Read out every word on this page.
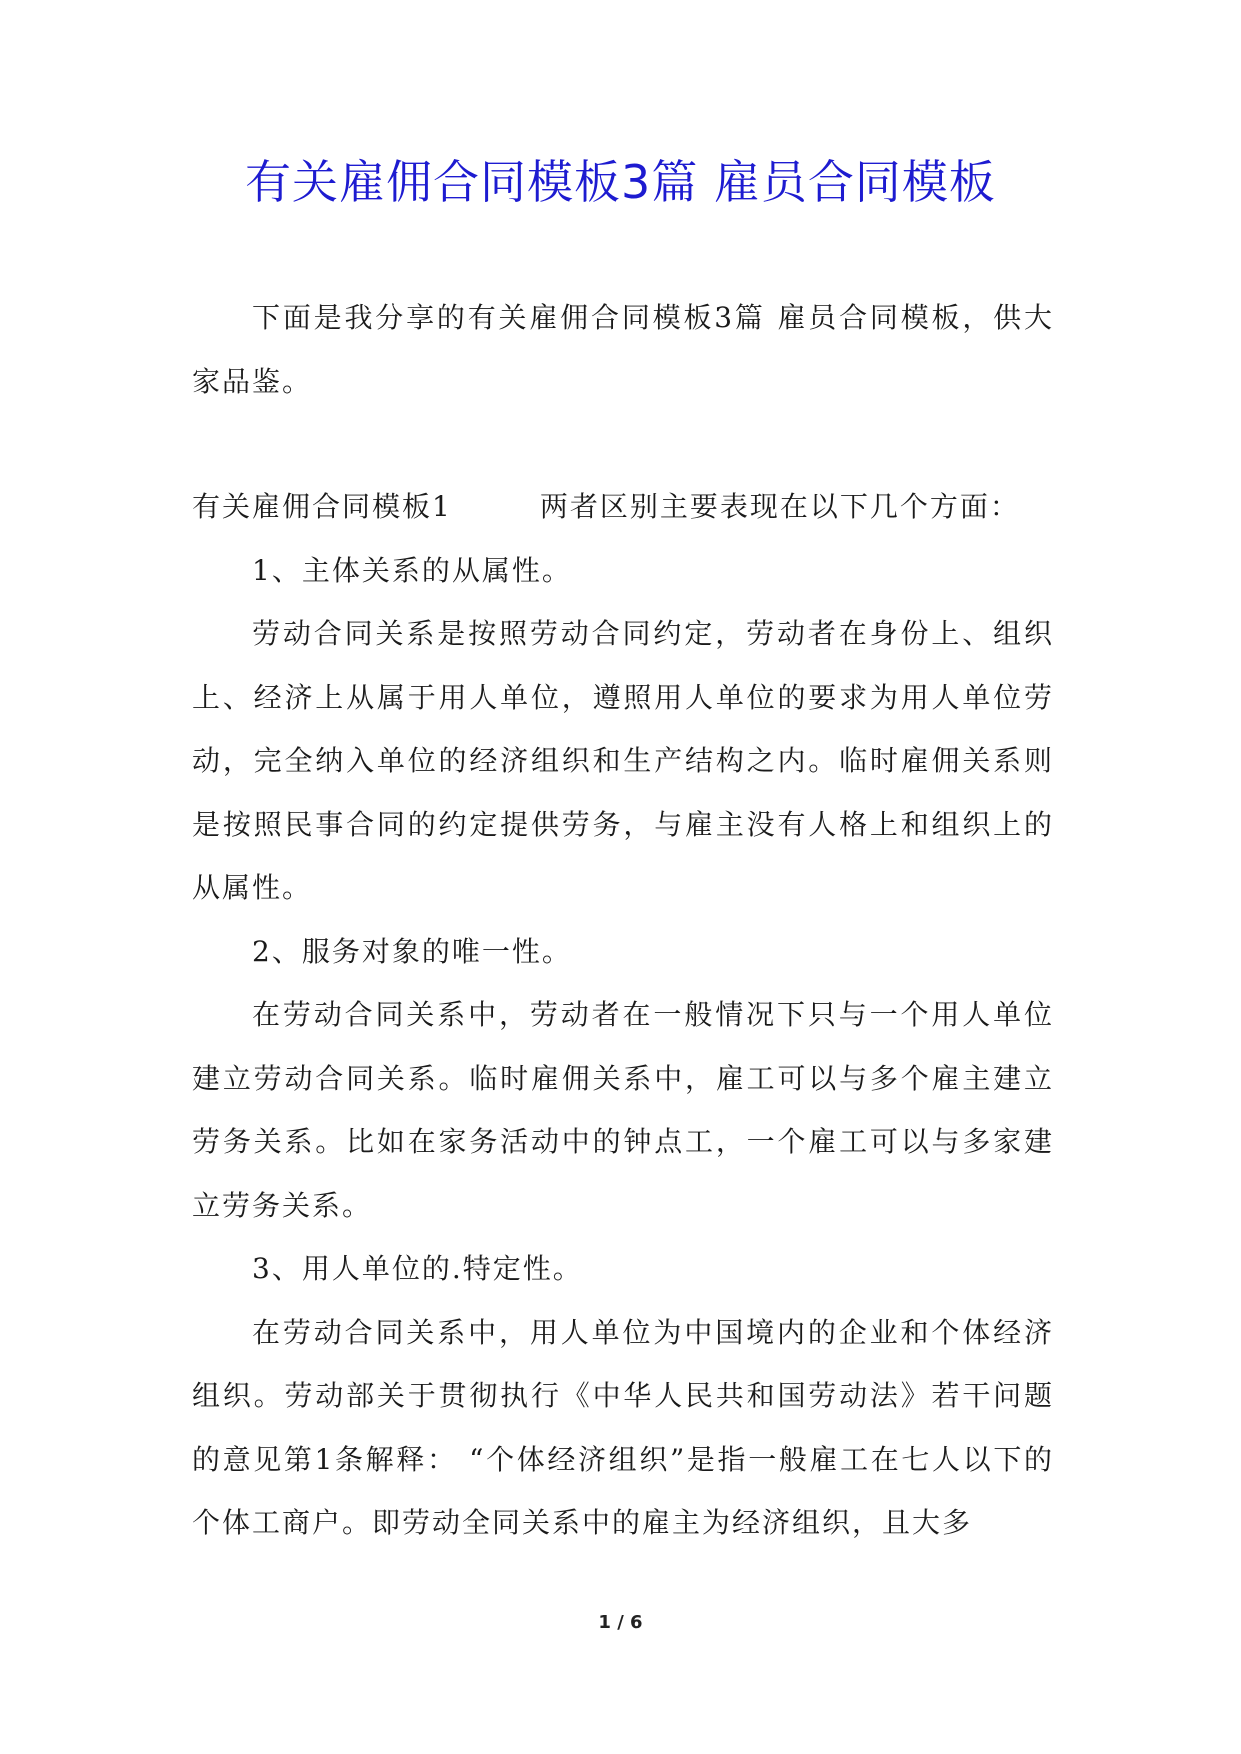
有关雇佣合同模板3篇 雇员合同模板

下面是我分享的有关雇佣合同模板3篇 雇员合同模板，供大家品鉴。

有关雇佣合同模板1	两者区别主要表现在以下几个方面：

1、主体关系的从属性。

劳动合同关系是按照劳动合同约定，劳动者在身份上、组织上、经济上从属于用人单位，遵照用人单位的要求为用人单位劳动，完全纳入单位的经济组织和生产结构之内。临时雇佣关系则是按照民事合同的约定提供劳务，与雇主没有人格上和组织上的从属性。

2、服务对象的唯一性。

在劳动合同关系中，劳动者在一般情况下只与一个用人单位建立劳动合同关系。临时雇佣关系中，雇工可以与多个雇主建立劳务关系。比如在家务活动中的钟点工，一个雇工可以与多家建立劳务关系。

3、用人单位的.特定性。

在劳动合同关系中，用人单位为中国境内的企业和个体经济组织。劳动部关于贯彻执行《中华人民共和国劳动法》若干问题的意见第1条解释： “个体经济组织”是指一般雇工在七人以下的个体工商户。即劳动全同关系中的雇主为经济组织，且大多

1 / 6
